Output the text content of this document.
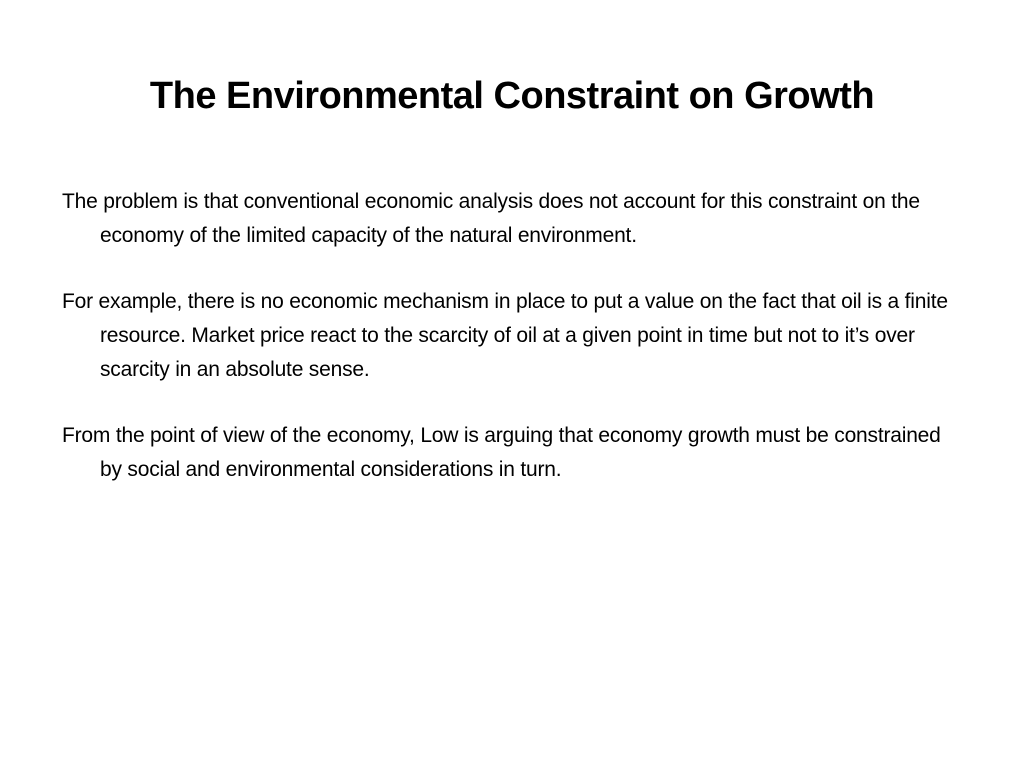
The Environmental Constraint on Growth

The problem is that conventional economic analysis does not account for this constraint on the economy of the limited capacity of the natural environment.

For example, there is no economic mechanism in place to put a value on the fact that oil is a finite resource. Market price react to the scarcity of oil at a given point in time but not to it’s over scarcity in an absolute sense.

From the point of view of the economy, Low is arguing that economy growth must be constrained by social and environmental considerations in turn.
